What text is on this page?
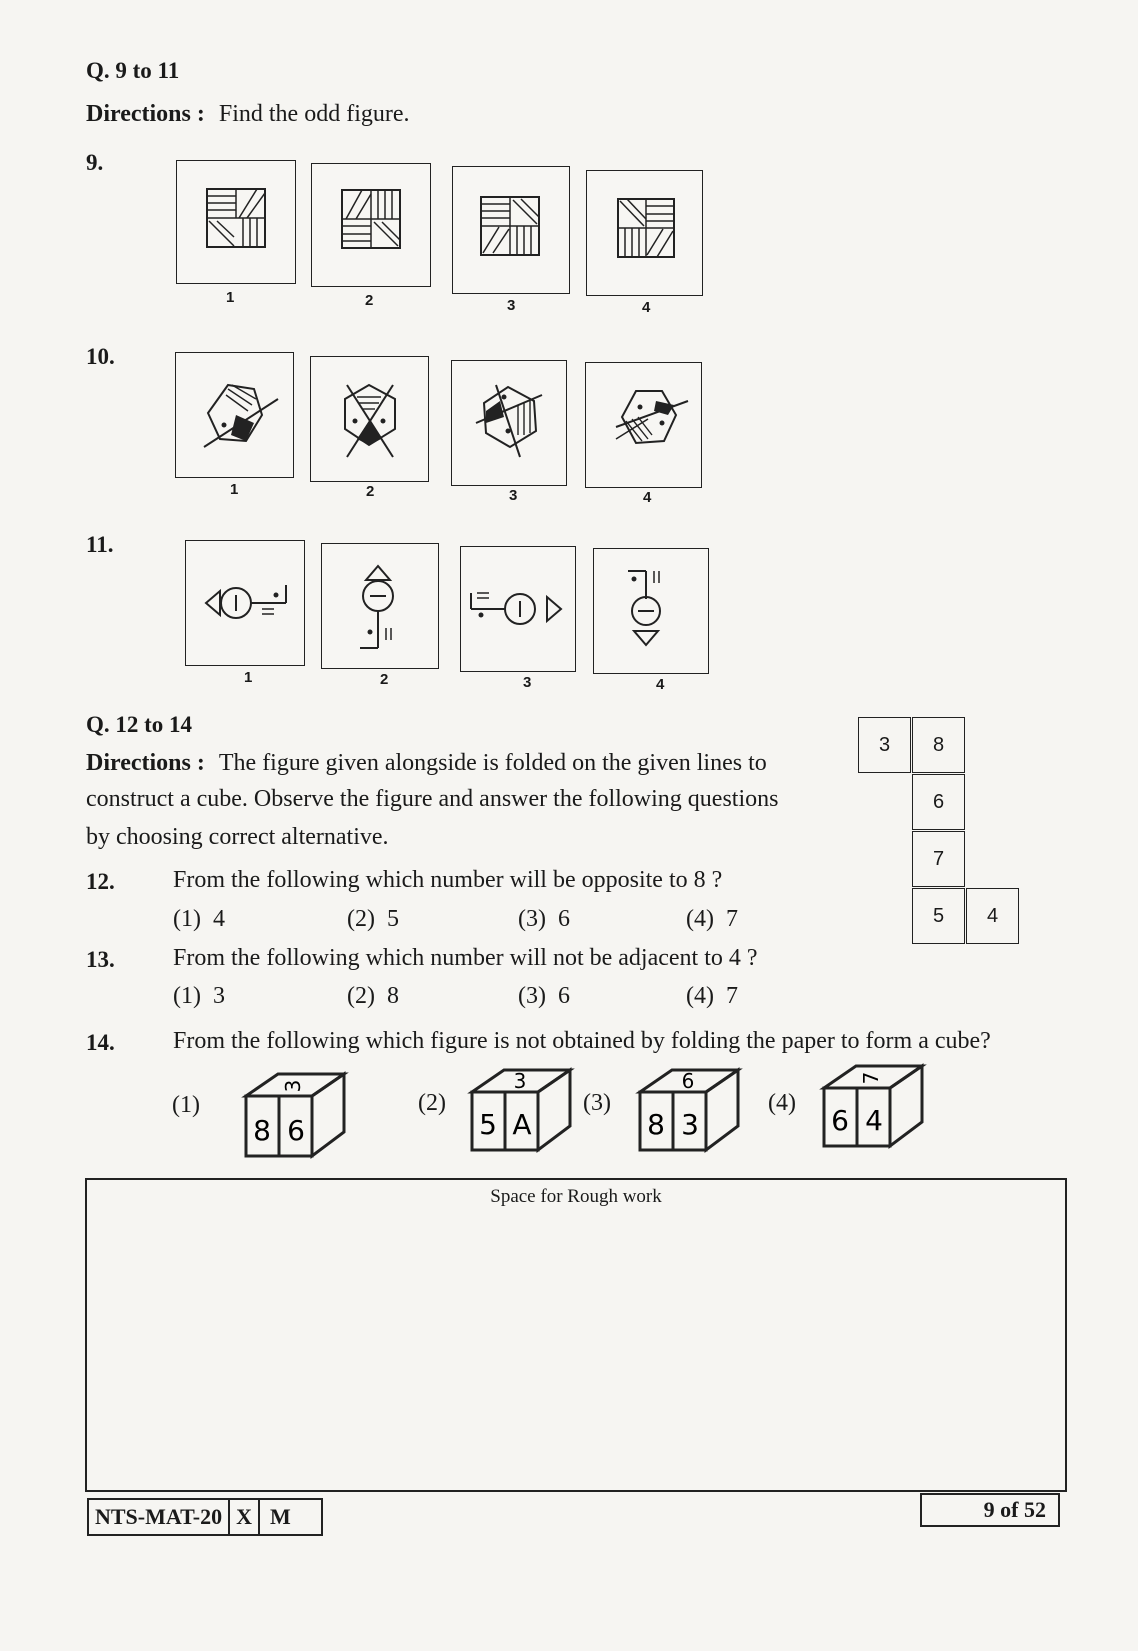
Q. 9 to 11
Directions : Find the odd figure.
9.
1	2	3	4
10.
1	2	3	4
11.
1	2	3	4
Q. 12 to 14
Directions : The figure given alongside is folded on the given lines to
construct a cube. Observe the figure and answer the following questions
by choosing correct alternative.
3	8
6
7
5	4
12. From the following which number will be opposite to 8 ?
(1) 4	(2) 5	(3) 6	(4) 7
13. From the following which number will not be adjacent to 4 ?
(1) 3	(2) 8	(3) 6	(4) 7
14. From the following which figure is not obtained by folding the paper to form a cube?
(1)
3
8 6
(2)
3
5 A
(3)
6
8 3
(4)
7
6 4
Space for Rough work
NTS-MAT-20 X M	9 of 52
